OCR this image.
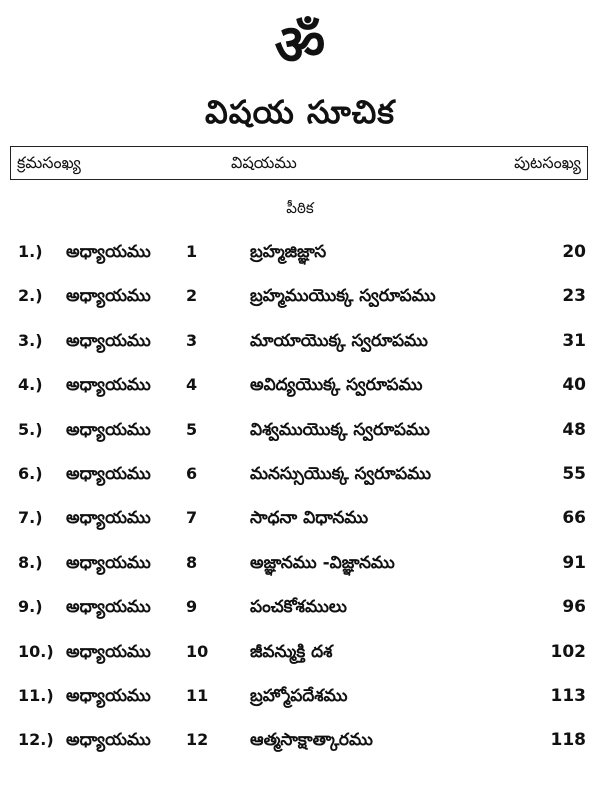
ॐ
విషయ సూచిక
క్రమసంఖ్య	విషయము	పుటసంఖ్య
పీఠిక
1.) అధ్యాయము 1	బ్రహ్మజిజ్ఞాస	20
2.) అధ్యాయము 2	బ్రహ్మముయొక్క స్వరూపము	23
3.) అధ్యాయము 3	మాయాయొక్క స్వరూపము	31
4.) అధ్యాయము 4	అవిద్యయొక్క స్వరూపము	40
5.) అధ్యాయము 5	విశ్వముయొక్క స్వరూపము	48
6.) అధ్యాయము 6	మనస్సుయొక్క స్వరూపము	55
7.) అధ్యాయము 7	సాధనా విధానము	66
8.) అధ్యాయము 8	అజ్ఞానము -విజ్ఞానము	91
9.) అధ్యాయము 9	పంచకోశములు	96
10.) అధ్యాయము 10 జీవన్ముక్తి దశ	102
11.) అధ్యాయము 11 బ్రహ్మోపదేశము	113
12.) అధ్యాయము 12 ఆత్మసాక్షాత్కారము	118
